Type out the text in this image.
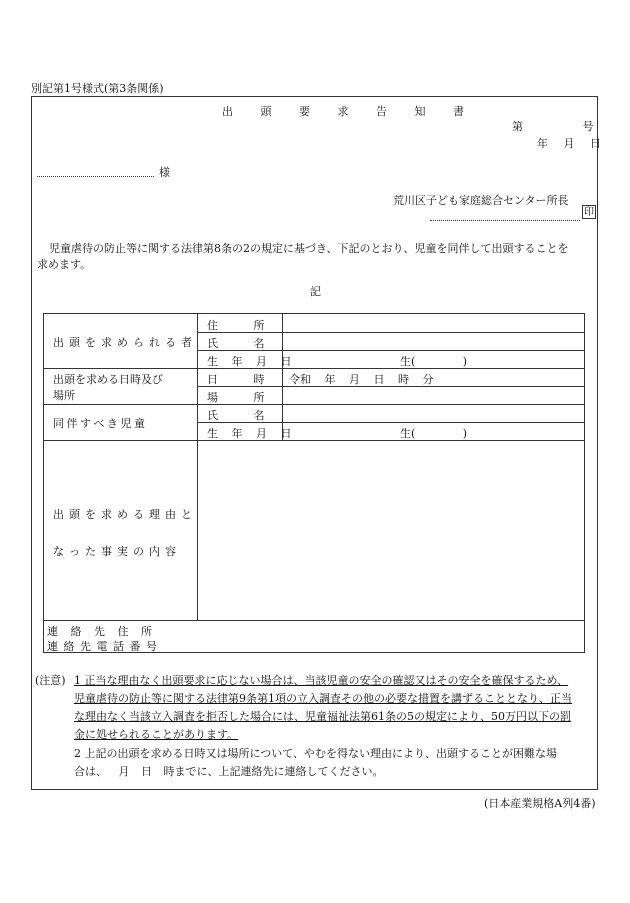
別記第1号様式(第3条関係)
出 頭 要 求 告 知 書
第 号
年 月 日
様
荒川区子ども家庭総合センター所長
印
児童虐待の防止等に関する法律第8条の2の規定に基づき、下記のとおり、児童を同伴して出頭することを
求めます。
記
出頭を求められる者
住 所
氏 名
生 年 月 日	生( )
出頭を求める日時及び
場所
日 時 令和 年 月 日 時 分
場 所
同 伴 す べ き 児 童
氏 名
生 年 月 日	生( )
出頭を求める理由と
なった事実の内容
連 絡 先 住 所
連 絡 先 電 話 番 号
(注意) 1 正当な理由なく出頭要求に応じない場合は、当該児童の安全の確認又はその安全を確保するため、
児童虐待の防止等に関する法律第9条第1項の立入調査その他の必要な措置を講ずることとなり、正当
な理由なく当該立入調査を拒否した場合には、児童福祉法第61条の5の規定により、50万円以下の罰
金に処せられることがあります。
2 上記の出頭を求める日時又は場所について、やむを得ない理由により、出頭することが困難な場
合は、 月 日 時までに、上記連絡先に連絡してください。
(日本産業規格A列4番)
